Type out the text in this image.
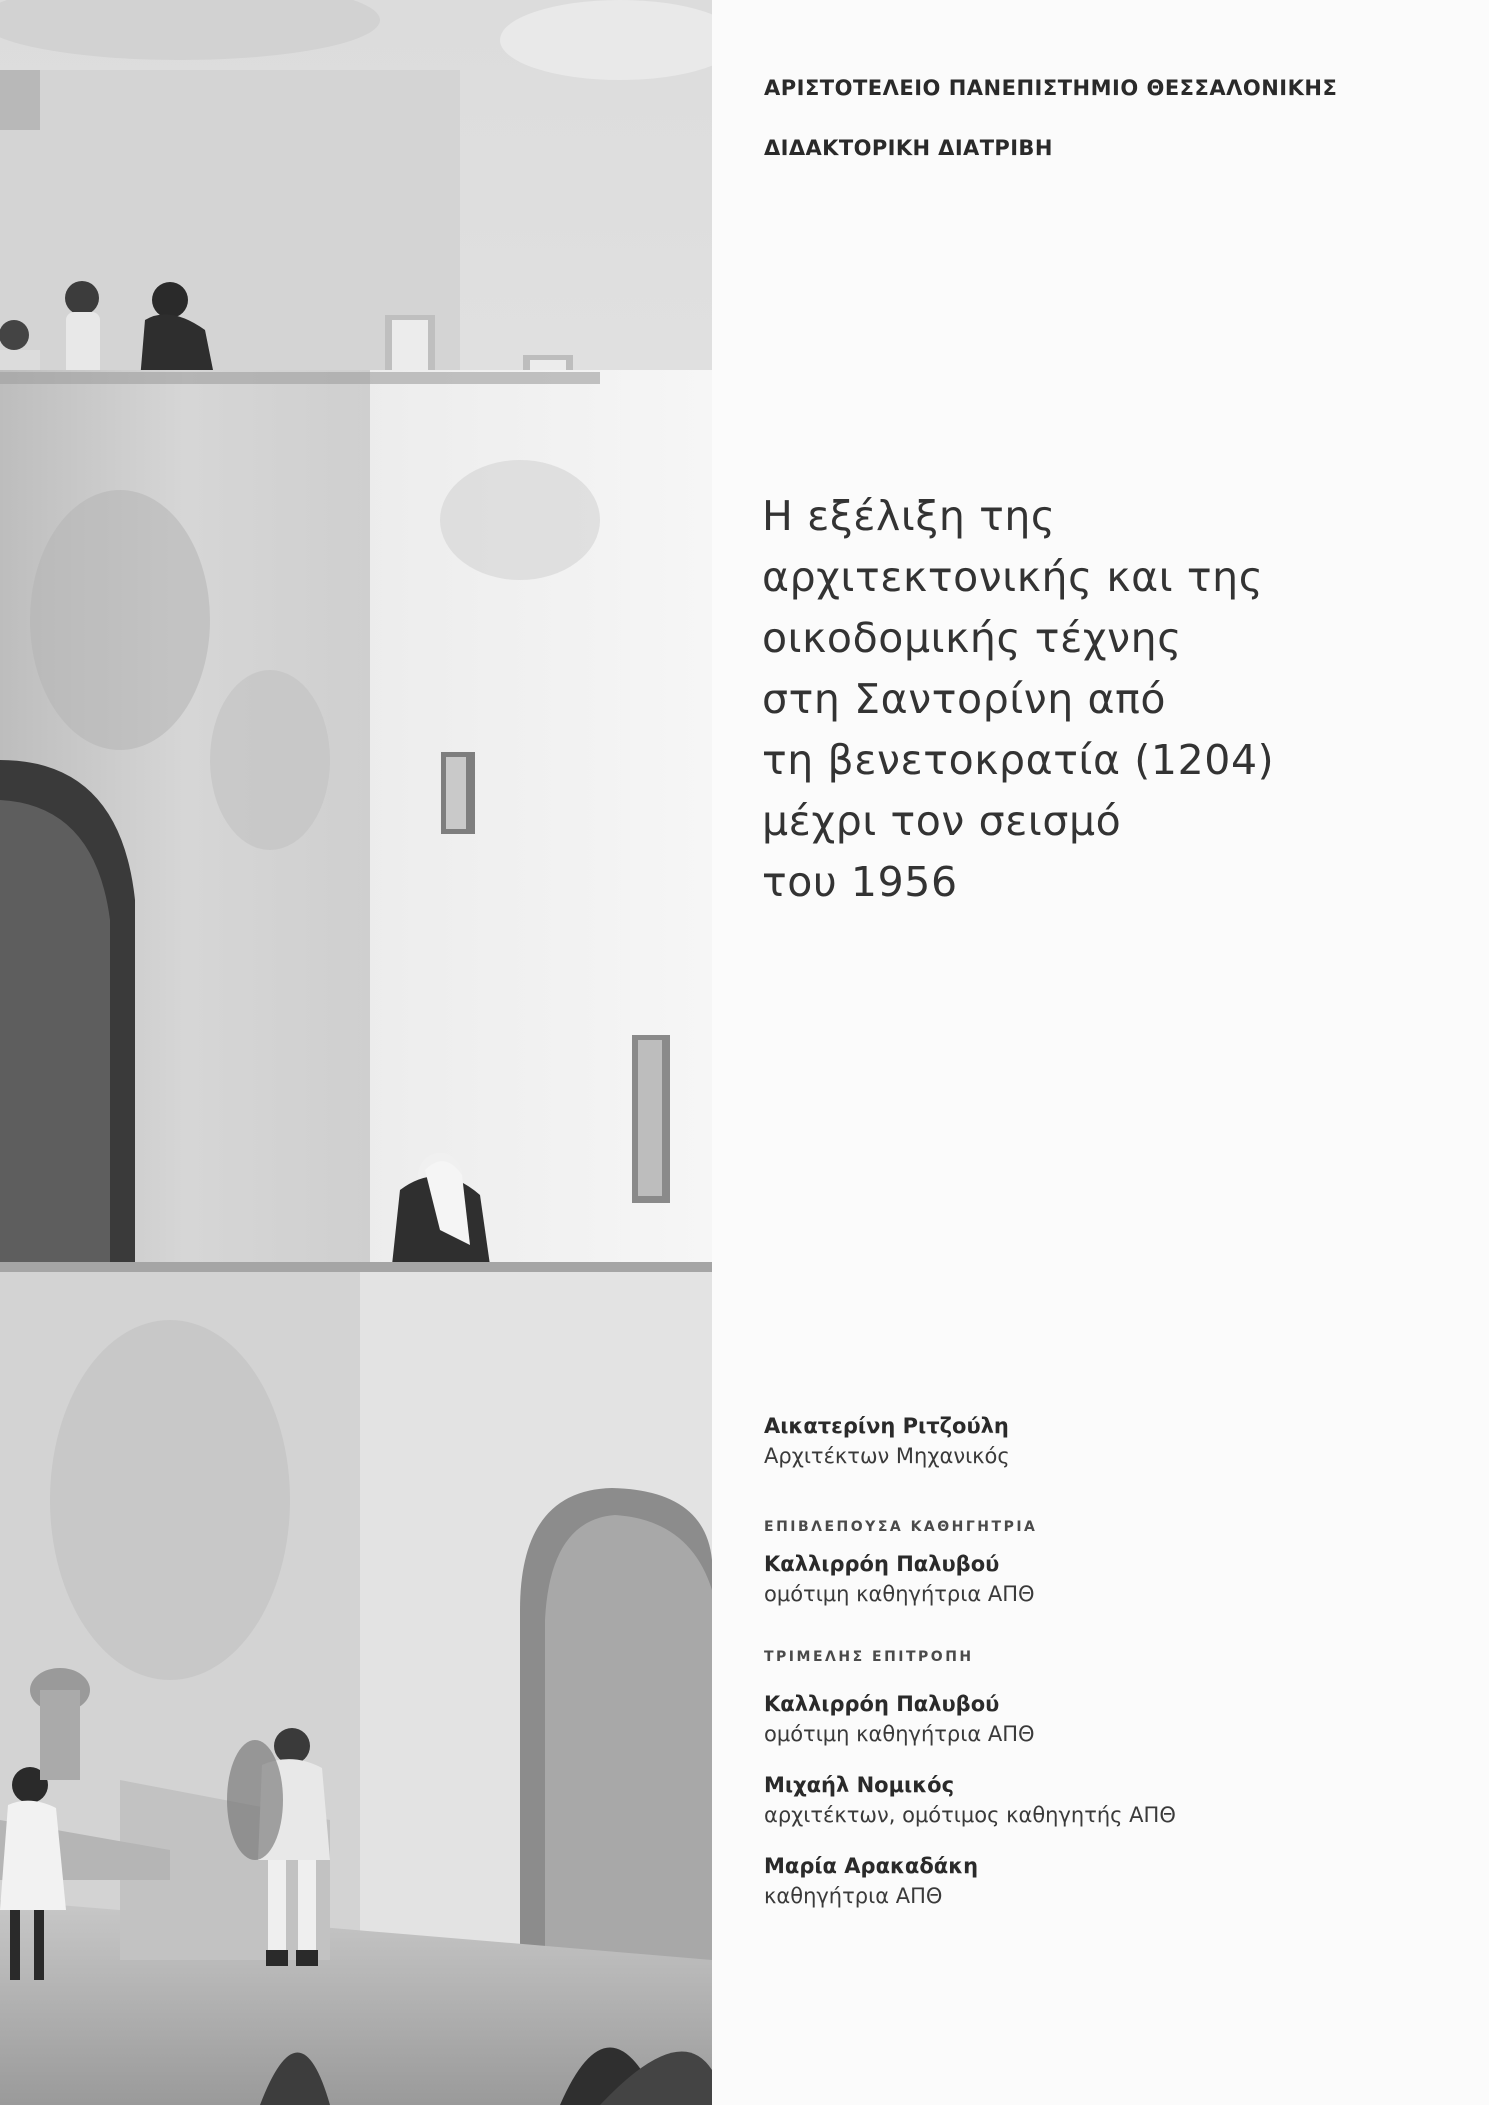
ΑΡΙΣΤΟΤΕΛΕΙΟ ΠΑΝΕΠΙΣΤΗΜΙΟ ΘΕΣΣΑΛΟΝΙΚΗΣ

ΔΙΔΑΚΤΟΡΙΚΗ ΔΙΑΤΡΙΒΗ

Η εξέλιξη της
αρχιτεκτονικής και της
οικοδομικής τέχνης
στη Σαντορίνη από
τη βενετοκρατία (1204)
μέχρι τον σεισμό
του 1956
Αικατερίνη Ριτζούλη
Αρχιτέκτων Μηχανικός
ΕΠΙΒΛΕΠΟΥΣΑ ΚΑΘΗΓΗΤΡΙΑ
Καλλιρρόη Παλυβού
ομότιμη καθηγήτρια ΑΠΘ
ΤΡΙΜΕΛΗΣ ΕΠΙΤΡΟΠΗ
Καλλιρρόη Παλυβού
ομότιμη καθηγήτρια ΑΠΘ
Μιχαήλ Νομικός
αρχιτέκτων, ομότιμος καθηγητής ΑΠΘ
Μαρία Αρακαδάκη
καθηγήτρια ΑΠΘ
